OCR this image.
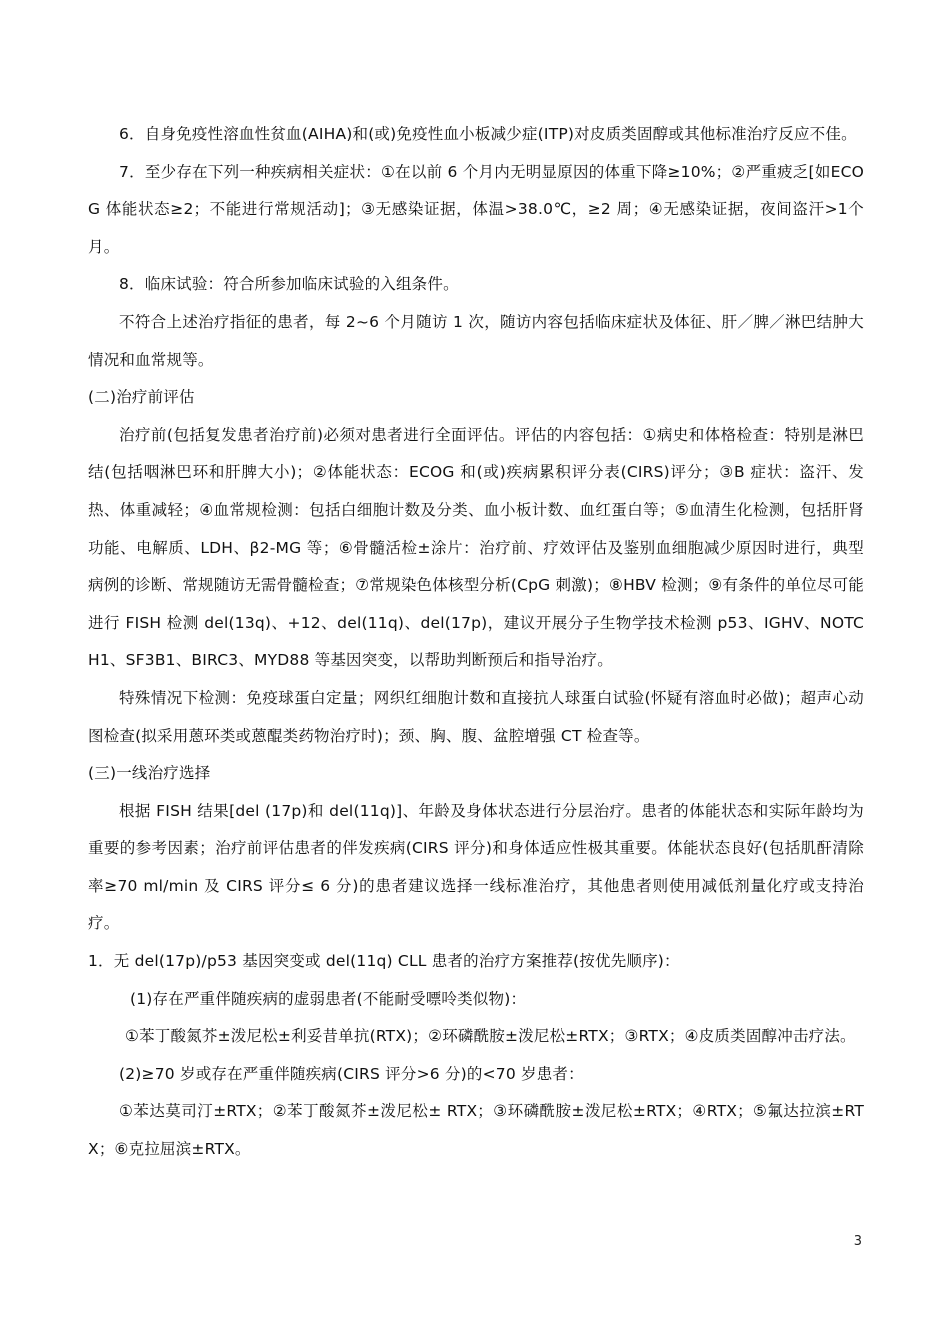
6．自身免疫性溶血性贫血(AIHA)和(或)免疫性血小板减少症(ITP)对皮质类固醇或其他标准治疗反应不佳。

7．至少存在下列一种疾病相关症状：①在以前 6 个月内无明显原因的体重下降≥10%；②严重疲乏[如ECOG 体能状态≥2；不能进行常规活动]；③无感染证据，体温>38.0℃，≥2 周；④无感染证据，夜间盗汗>1个月。

8．临床试验：符合所参加临床试验的入组条件。

不符合上述治疗指征的患者，每 2~6 个月随访 1 次，随访内容包括临床症状及体征、肝／脾／淋巴结肿大情况和血常规等。

(二)治疗前评估

治疗前(包括复发患者治疗前)必须对患者进行全面评估。评估的内容包括：①病史和体格检查：特别是淋巴结(包括咽淋巴环和肝脾大小)；②体能状态：ECOG 和(或)疾病累积评分表(CIRS)评分；③B 症状：盗汗、发热、体重减轻；④血常规检测：包括白细胞计数及分类、血小板计数、血红蛋白等；⑤血清生化检测，包括肝肾功能、电解质、LDH、β2-MG 等；⑥骨髓活检±涂片：治疗前、疗效评估及鉴别血细胞减少原因时进行，典型病例的诊断、常规随访无需骨髓检查；⑦常规染色体核型分析(CpG 刺激)；⑧HBV 检测；⑨有条件的单位尽可能进行 FISH 检测 del(13q)、+12、del(11q)、del(17p)，建议开展分子生物学技术检测 p53、IGHV、NOTCH1、SF3B1、BIRC3、MYD88 等基因突变，以帮助判断预后和指导治疗。

特殊情况下检测：免疫球蛋白定量；网织红细胞计数和直接抗人球蛋白试验(怀疑有溶血时必做)；超声心动图检查(拟采用蒽环类或蒽醌类药物治疗时)；颈、胸、腹、盆腔增强 CT 检查等。

(三)一线治疗选择

根据 FISH 结果[del (17p)和 del(11q)]、年龄及身体状态进行分层治疗。患者的体能状态和实际年龄均为重要的参考因素；治疗前评估患者的伴发疾病(CIRS 评分)和身体适应性极其重要。体能状态良好(包括肌酐清除率≥70 ml/min 及 CIRS 评分≤ 6 分)的患者建议选择一线标准治疗，其他患者则使用减低剂量化疗或支持治疗。

1．无 del(17p)/p53 基因突变或 del(11q) CLL 患者的治疗方案推荐(按优先顺序)：

(1)存在严重伴随疾病的虚弱患者(不能耐受嘌呤类似物)：

①苯丁酸氮芥±泼尼松±利妥昔单抗(RTX)；②环磷酰胺±泼尼松±RTX；③RTX；④皮质类固醇冲击疗法。

(2)≥70 岁或存在严重伴随疾病(CIRS 评分>6 分)的<70 岁患者：

①苯达莫司汀±RTX；②苯丁酸氮芥±泼尼松± RTX；③环磷酰胺±泼尼松±RTX；④RTX；⑤氟达拉滨±RTX；⑥克拉屈滨±RTX。

3
